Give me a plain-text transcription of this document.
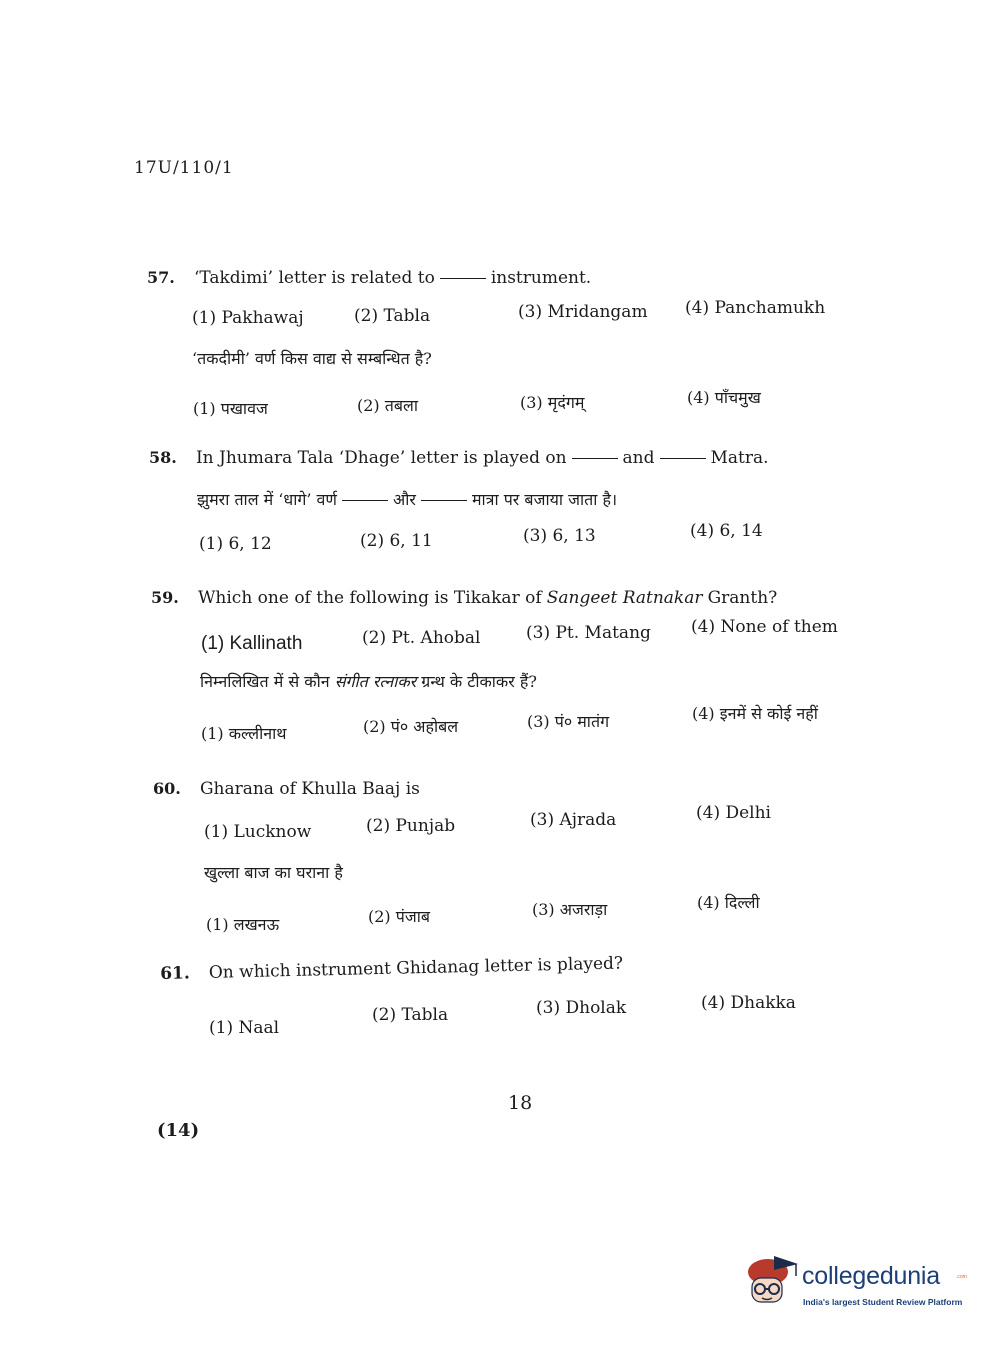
17U/110/1
57. ‘Takdimi’ letter is related to	instrument.
(1) Pakhawaj	(2) Tabla	(3) Mridangam (4) Panchamukh
‘तकदीमी’ वर्ण किस वाद्य से सम्बन्धित है?
(1) पखावज	(2) तबला	(3) मृदंगम्	(4) पाँचमुख
58. In Jhumara Tala ‘Dhage’ letter is played on	and	Matra.
झुमरा ताल में ‘धागे’ वर्ण	और	मात्रा पर बजाया जाता है।
(1) 6, 12	(2) 6, 11	(3) 6, 13	(4) 6, 14
59. Which one of the following is Tikakar of Sangeet Ratnakar Granth?
(1) Kallinath	(2) Pt. Ahobal	(3) Pt. Matang (4) None of them
निम्नलिखित में से कौन संगीत रत्नाकर ग्रन्थ के टीकाकर हैं?
(1) कल्लीनाथ	(2) पं० अहोबल	(3) पं० मातंग	(4) इनमें से कोई नहीं
60. Gharana of Khulla Baaj is
(1) Lucknow	(2) Punjab	(3) Ajrada	(4) Delhi
खुल्ला बाज का घराना है
(1) लखनऊ	(2) पंजाब	(3) अजराड़ा	(4) दिल्ली
61. On which instrument Ghidanag letter is played?
(1) Naal
(2) Tabla	(3) Dholak	(4) Dhakka
18
(14)
collegedunia	.com
India's largest Student Review Platform
